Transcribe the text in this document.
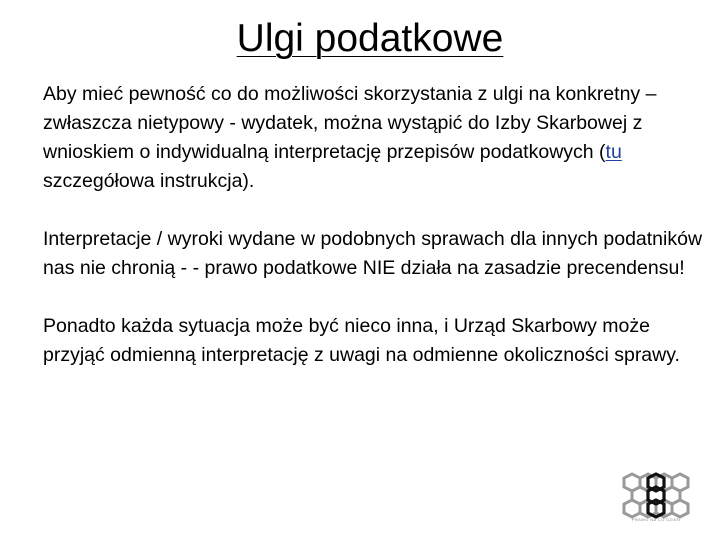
Ulgi podatkowe

Aby mieć pewność co do możliwości skorzystania z ulgi na konkretny – zwłaszcza nietypowy - wydatek, można wystąpić do Izby Skarbowej z wnioskiem o indywidualną interpretację przepisów podatkowych (tu szczegółowa instrukcja).

Interpretacje / wyroki wydane w podobnych sprawach dla innych podatników nas nie chronią - - prawo podatkowe NIE działa na zasadzie precendensu!

Ponadto każda sytuacja może być nieco inna, i Urząd Skarbowy może przyjąć odmienną interpretację z uwagi na odmienne okoliczności sprawy.

PRAWO NA CO DZIEŃ
